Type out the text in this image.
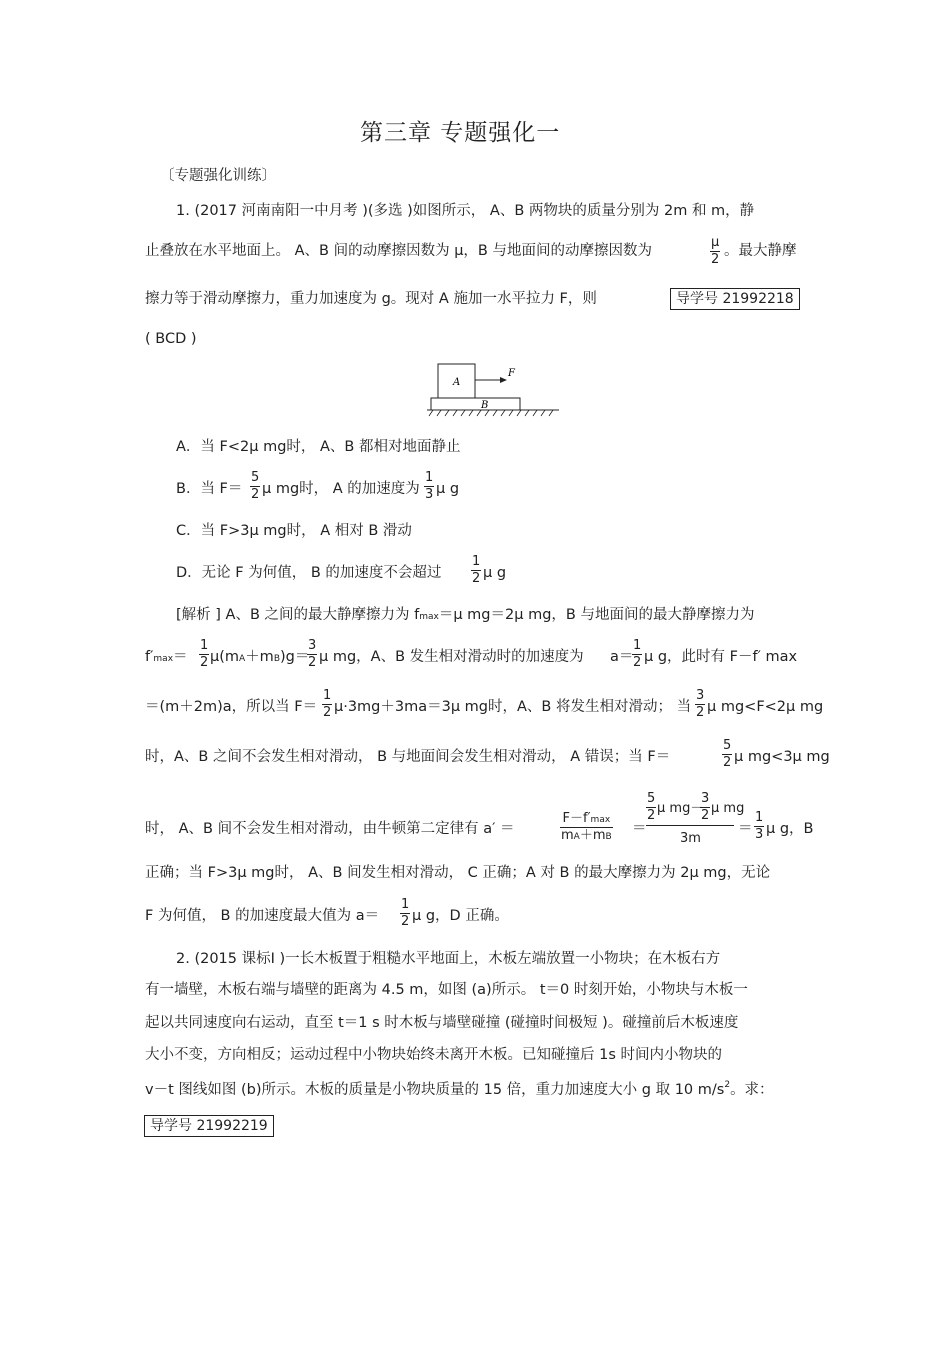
第三章 专题强化一
〔专题强化训练〕
1. (2017 河南南阳一中月考 )(多选 )如图所示， A、B 两物块的质量分别为 2m 和 m，静
止叠放在水平地面上。 A、B 间的动摩擦因数为 μ，B 与地面间的动摩擦因数为
μ
2
。最大静摩
擦力等于滑动摩擦力，重力加速度为 g。现对 A 施加一水平拉力 F，则	导学号 21992218
( BCD )
A
B
F
A．当 F<2μ mg时， A、B 都相对地面静止
B．当 F＝
5
2 μ mg时， A 的加速度为
1
3 μ g
C．当 F>3μ mg时， A 相对 B 滑动
D．无论 F 为何值， B 的加速度不会超过
1
2 μ g
[解析 ] A、B 之间的最大静摩擦力为 fmax＝μ mg＝2μ mg，B 与地面间的最大静摩擦力为
f′max＝
1
2 μ(mA＋mB)g＝
3
2 μ mg，A、B 发生相对滑动时的加速度为 a＝
1
2 μ g，此时有 F－f′ max
＝(m＋2m)a，所以当 F＝
1
2 μ·3mg＋3ma＝3μ mg时，A、B 将发生相对滑动； 当
3
2 μ mg<F<2μ mg
时，A、B 之间不会发生相对滑动， B 与地面间会发生相对滑动， A 错误；当 F＝
5
2 μ mg<3μ mg
时， A、B 间不会发生相对滑动，由牛顿第二定律有 a′ ＝
F－f′max
mA＋mB ＝
5
2 μ mg－
3
2 μ mg
3m
＝
1
3 μ g，B
正确；当 F>3μ mg时， A、B 间发生相对滑动， C 正确；A 对 B 的最大摩擦力为 2μ mg，无论
F 为何值， B 的加速度最大值为 a＝
1
2 μ g，D 正确。
2. (2015 课标Ⅰ )一长木板置于粗糙水平地面上，木板左端放置一小物块；在木板右方
有一墙壁，木板右端与墙壁的距离为 4.5 m，如图 (a)所示。 t＝0 时刻开始，小物块与木板一
起以共同速度向右运动，直至 t＝1 s 时木板与墙壁碰撞 (碰撞时间极短 )。碰撞前后木板速度
大小不变，方向相反；运动过程中小物块始终未离开木板。已知碰撞后 1s 时间内小物块的
v－t 图线如图 (b)所示。木板的质量是小物块质量的 15 倍，重力加速度大小 g 取 10 $m/s^2$。求：
导学号 21992219
